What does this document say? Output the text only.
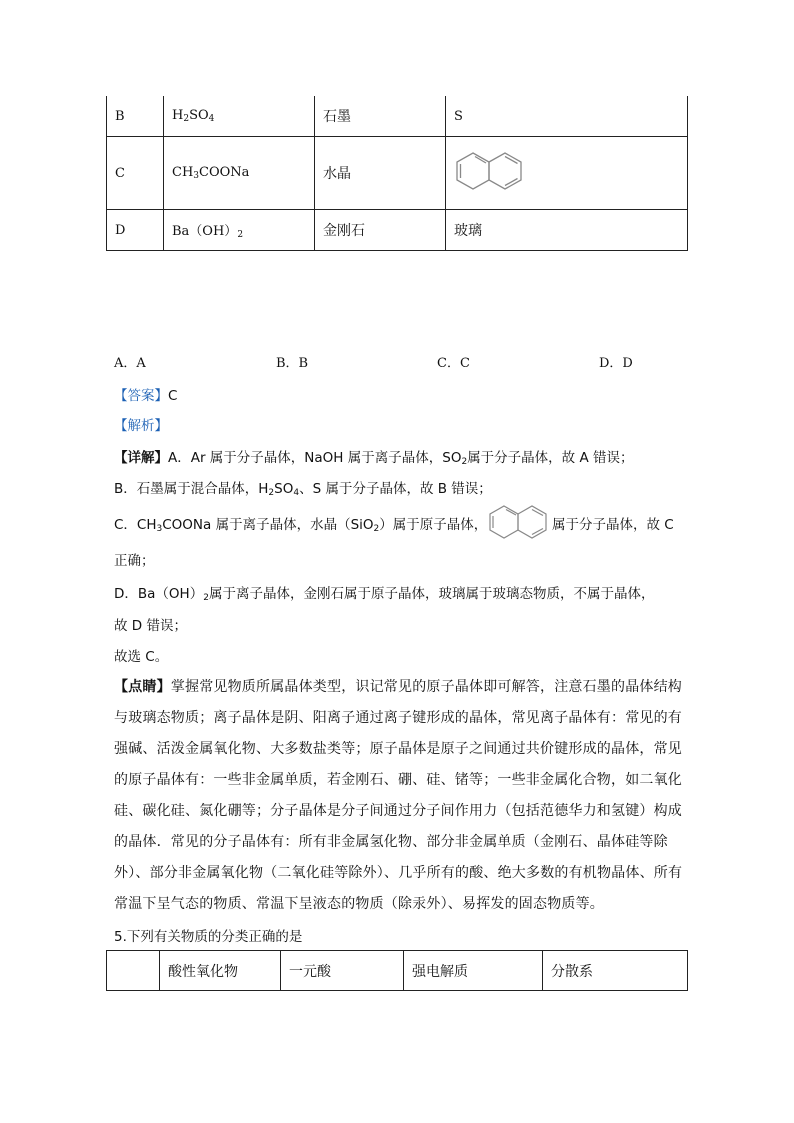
B	$H_2SO_4$	石墨	S
C	$CH_3COONa$	水晶	
D	$Ba(OH)_2$	金刚石	玻璃
A．A	B．B	C．C	D．D
【答案】C
【解析】
【详解】A．Ar 属于分子晶体，NaOH 属于离子晶体，$SO_2$属于分子晶体，故 A 错误；
B．石墨属于混合晶体，$H_2SO_4$、S 属于分子晶体，故 B 错误；
C．$CH_3COONa$ 属于离子晶体，水晶（SiO$_2$）属于原子晶体，	属于分子晶体，故 C
正确；
D．$Ba(OH)_2$属于离子晶体，金刚石属于原子晶体，玻璃属于玻璃态物质，不属于晶体，
故 D 错误；
故选 C。
【点睛】掌握常见物质所属晶体类型，识记常见的原子晶体即可解答，注意石墨的晶体结构
与玻璃态物质；离子晶体是阴、阳离子通过离子键形成的晶体，常见离子晶体有：常见的有
强碱、活泼金属氧化物、大多数盐类等；原子晶体是原子之间通过共价键形成的晶体，常见
的原子晶体有：一些非金属单质，若金刚石、硼、硅、锗等；一些非金属化合物，如二氧化
硅、碳化硅、氮化硼等；分子晶体是分子间通过分子间作用力（包括范德华力和氢键）构成
的晶体．常见的分子晶体有：所有非金属氢化物、部分非金属单质（金刚石、晶体硅等除
外）、部分非金属氧化物（二氧化硅等除外）、几乎所有的酸、绝大多数的有机物晶体、所有
常温下呈气态的物质、常温下呈液态的物质（除汞外）、易挥发的固态物质等。
5.下列有关物质的分类正确的是
	酸性氧化物	一元酸	强电解质	分散系
